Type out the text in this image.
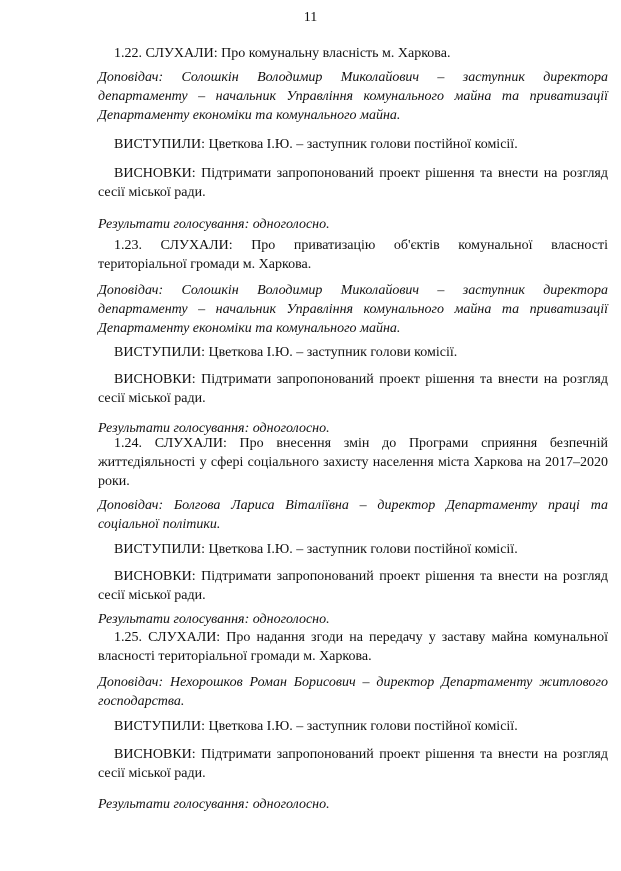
11

1.22. СЛУХАЛИ: Про комунальну власність м. Харкова.

Доповідач: Солошкін Володимир Миколайович – заступник директора департаменту – начальник Управління комунального майна та приватизації Департаменту економіки та комунального майна.

ВИСТУПИЛИ: Цветкова І.Ю. – заступник голови постійної комісії.

ВИСНОВКИ: Підтримати запропонований проект рішення та внести на розгляд сесії міської ради.

Результати голосування: одноголосно.

1.23. СЛУХАЛИ: Про приватизацію об'єктів комунальної власності територіальної громади м. Харкова.

Доповідач: Солошкін Володимир Миколайович – заступник директора департаменту – начальник Управління комунального майна та приватизації Департаменту економіки та комунального майна.

ВИСТУПИЛИ: Цветкова І.Ю. – заступник голови комісії.

ВИСНОВКИ: Підтримати запропонований проект рішення та внести на розгляд сесії міської ради.

Результати голосування: одноголосно.

1.24. СЛУХАЛИ: Про внесення змін до Програми сприяння безпечній життєдіяльності у сфері соціального захисту населення міста Харкова на 2017–2020 роки.

Доповідач: Болгова Лариса Віталіївна – директор Департаменту праці та соціальної політики.

ВИСТУПИЛИ: Цветкова І.Ю. – заступник голови постійної комісії.

ВИСНОВКИ: Підтримати запропонований проект рішення та внести на розгляд сесії міської ради.

Результати голосування: одноголосно.

1.25. СЛУХАЛИ: Про надання згоди на передачу у заставу майна комунальної власності територіальної громади м. Харкова.

Доповідач: Нехорошков Роман Борисович – директор Департаменту житлового господарства.

ВИСТУПИЛИ: Цветкова І.Ю. – заступник голови постійної комісії.

ВИСНОВКИ: Підтримати запропонований проект рішення та внести на розгляд сесії міської ради.

Результати голосування: одноголосно.
